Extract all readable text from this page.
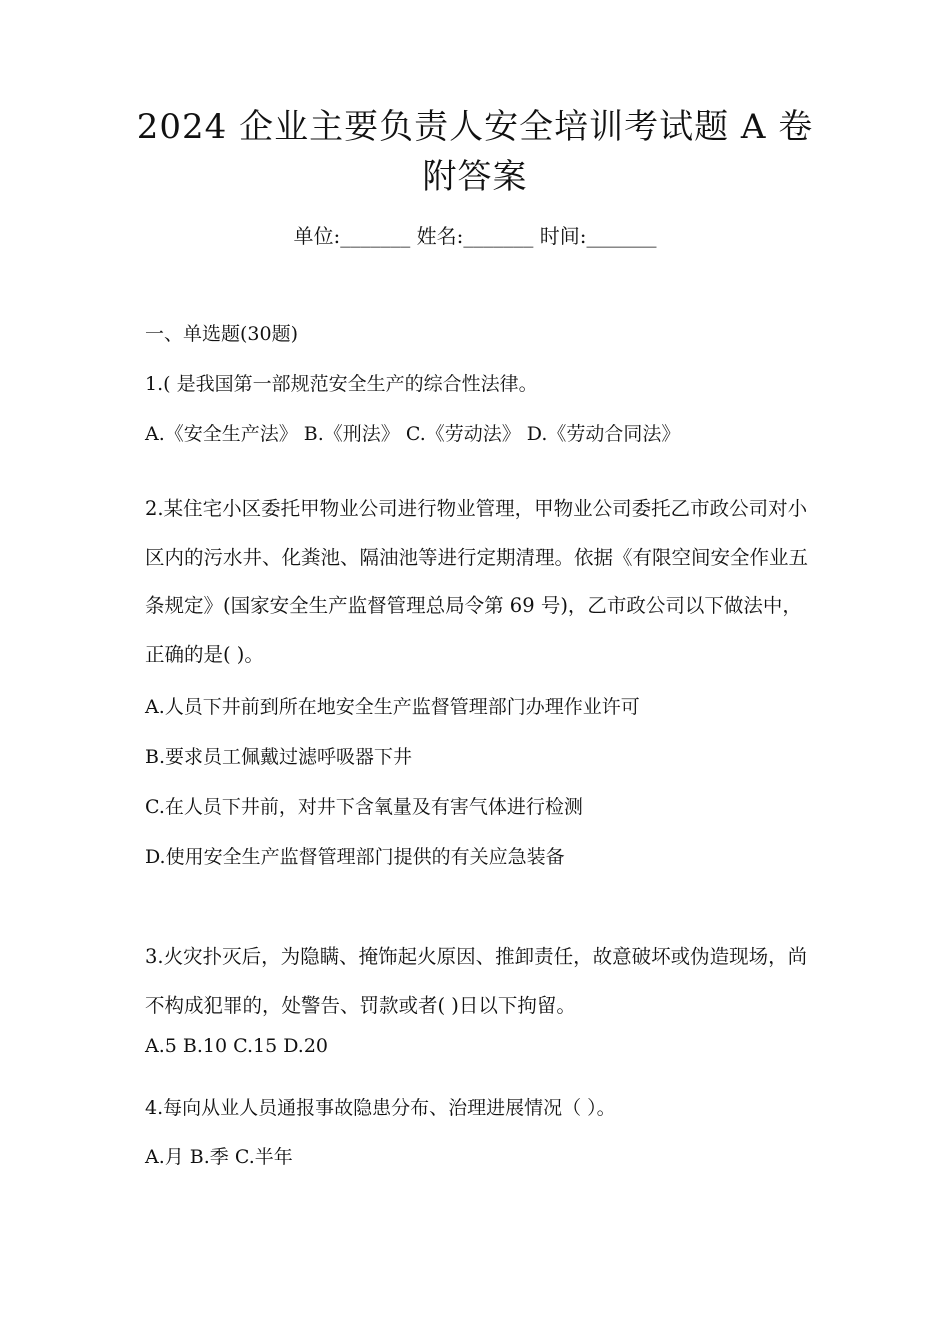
2024 企业主要负责人安全培训考试题 A 卷
附答案
单位:_______ 姓名:_______ 时间:_______
一、单选题(30题)
1.( 是我国第一部规范安全生产的综合性法律。
A.《安全生产法》 B.《刑法》 C.《劳动法》 D.《劳动合同法》
2.某住宅小区委托甲物业公司进行物业管理，甲物业公司委托乙市政公司对小区内的污水井、化粪池、隔油池等进行定期清理。依据《有限空间安全作业五条规定》(国家安全生产监督管理总局令第 69 号)，乙市政公司以下做法中，正确的是( )。
A.人员下井前到所在地安全生产监督管理部门办理作业许可
B.要求员工佩戴过滤呼吸器下井
C.在人员下井前，对井下含氧量及有害气体进行检测
D.使用安全生产监督管理部门提供的有关应急装备
3.火灾扑灭后，为隐瞒、掩饰起火原因、推卸责任，故意破坏或伪造现场，尚不构成犯罪的，处警告、罚款或者( )日以下拘留。
A.5 B.10 C.15 D.20
4.每向从业人员通报事故隐患分布、治理进展情况（ ）。
A.月 B.季 C.半年
